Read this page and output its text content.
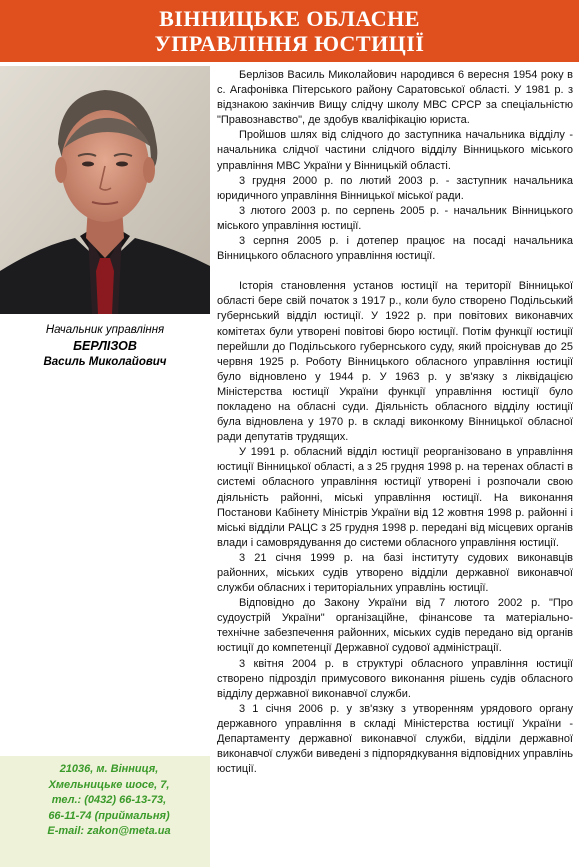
ВІННИЦЬКЕ ОБЛАСНЕ
УПРАВЛІННЯ ЮСТИЦІЇ
Начальник управління
БЕРЛІЗОВ
Василь Миколайович
21036, м. Вінниця,
Хмельницьке шосе, 7,
тел.: (0432) 66-13-73,
66-11-74 (приймальня)
E-mail: zakon@meta.ua

Берлізов Василь Миколайович народився 6 вересня 1954 року в с. Агафонівка Пітерського району Саратовської області. У 1981 р. з відзнакою закінчив Вищу слідчу школу МВС СРСР за спеціальністю "Правознавство", де здобув кваліфікацію юриста.

Пройшов шлях від слідчого до заступника начальника відділу - начальника слідчої частини слідчого відділу Вінницького міського управління МВС України у Вінницькій області.

3 грудня 2000 р. по лютий 2003 р. - заступник начальника юридичного управління Вінницької міської ради.

3 лютого 2003 р. по серпень 2005 р. - начальник Вінницького міського управління юстиції.

3 серпня 2005 р. і дотепер працює на посаді начальника Вінницького обласного управління юстиції.

Історія становлення установ юстиції на території Вінницької області бере свій початок з 1917 р., коли було створено Подільський губернський відділ юстиції. У 1922 р. при повітових виконавчих комітетах були утворені повітові бюро юстиції. Потім функції юстиції перейшли до Подільського губернського суду, який проіснував до 25 червня 1925 р. Роботу Вінницького обласного управління юстиції було відновлено у 1944 р. У 1963 р. у зв'язку з ліквідацією Міністерства юстиції України функції управління юстиції було покладено на обласні суди. Діяльність обласного відділу юстиції була відновлена у 1970 р. в складі виконкому Вінницької обласної ради депутатів трудящих.

У 1991 р. обласний відділ юстиції реорганізовано в управління юстиції Вінницької області, а з 25 грудня 1998 р. на теренах області в системі обласного управління юстиції утворені і розпочали свою діяльність районні, міські управління юстиції. На виконання Постанови Кабінету Міністрів України від 12 жовтня 1998 р. районні і міські відділи РАЦС з 25 грудня 1998 р. передані від місцевих органів влади і самоврядування до системи обласного управління юстиції.

3 21 січня 1999 р. на базі інституту судових виконавців районних, міських судів утворено відділи державної виконавчої служби обласних і територіальних управлінь юстиції.

Відповідно до Закону України від 7 лютого 2002 р. "Про судоустрій України" організаційне, фінансове та матеріально-технічне забезпечення районних, міських судів передано від органів юстиції до компетенції Державної судової адміністрації.

3 квітня 2004 р. в структурі обласного управління юстиції створено підрозділ примусового виконання рішень судів обласного відділу державної виконавчої служби.

3 1 січня 2006 р. у зв'язку з утворенням урядового органу державного управління в складі Міністерства юстиції України - Департаменту державної виконавчої служби, відділи державної виконавчої служби виведені з підпорядкування відповідних управлінь юстиції.
